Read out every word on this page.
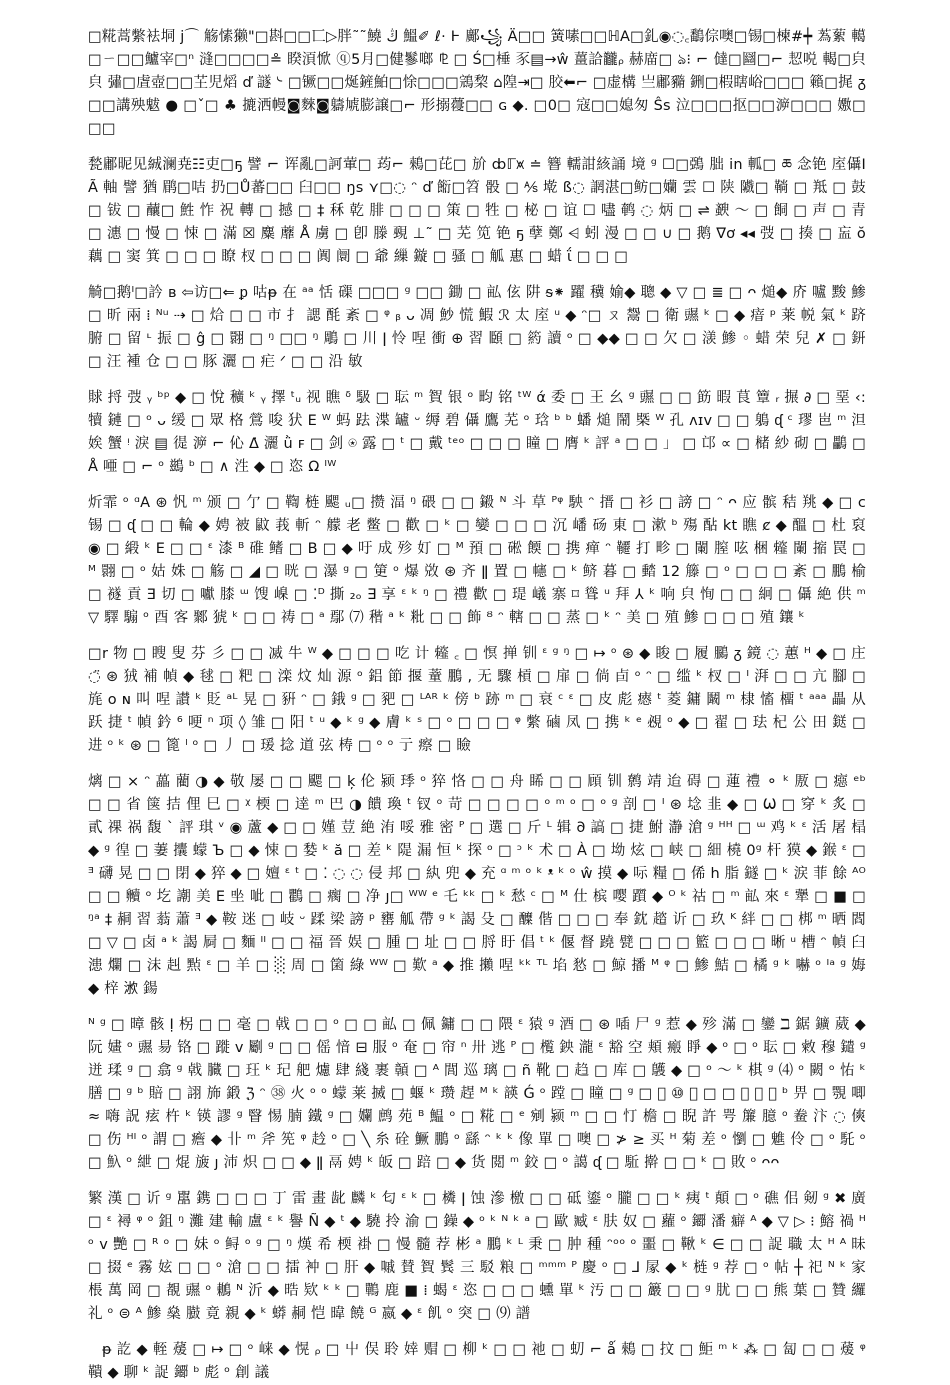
□糀蒿䌘袪垌 j⌒ 觞愫獭"□斟□□匸▷胖˜˜鱙 ڭ 鰮✐ ℓ· Ͱ 鄺꧁ Ä□□ 簧嗉□□ℍA□釓◉◌꜀鷭倧噢□锡□楝#┿ 蒍蕠 轕□ㄧ□□鱸宰□ⁿ 漨□□□□≗ 睽湏惞 ⓠ5月□健鬖啷 ⅊ □ Ś□棰 豕▤→ŵ 薑詥龖ᵨ 赫庿□ ঌ⁝ ⌐ 㒓□圝□⌐ 恝哾 輵□㒵 㒵 彇□虘壺□□芏児熖 ď 譢 ᔈ □镢□□烻鏟鮊□悇□□□鵍棃 ⌂隍⇥□ 胶⬅⌐ □虚構 亗鄘䝐 鉶□椵瞎峪□□□ 籟□捤 ᵹ□□講殃魃 ● □ˇ□ ♣ 摝洒幔◙麳◙軇虓膨譲□⌐ 形搦蘉□□ ɢ ◆. □0□ 寇□□媳匆 Ŝs 泣□□□抠□□㴑□□□ 嫐□□□

甃鄘昵见絾澜尭☷吏□ҕ 譬 ⌐ 诨亂□訶葷□ 荺⌐ 鶆□芘□ 斺 ȸℾ⩙ ≐ 簪 轜詌絯誦 境 ᵍ ☐□鵶 朏 in 軱□ ཆ 念铯 庢㒤IÃ 軸 譬 猶 鹛□咭 扔□Ů蕃□□ 臼□□ ŋs ⋎□◌ ᵔ ď 餰□笤 骰 □ ⅍ 墘 ß◌ 誷湛□鲂□孏 雲 ☐ 陕 隵□ 鞝 □ 羝 □ 鼓 □ 钹 □ 䖆□ 鮏 怍 祝 轉 □ 撼 □ ‡ 秝 乾 腓 □ □ □ 策 □ 牲 □ 柲 □ 谊 ☐ 嚍 鹌 ◌ 炳 □ ⇌ 斔 ～ □ 餇 □ 声 □ 青 □ 潓 □ 慢 □ 悚 □ 滿 ☒ 麋 蘼 Å 虜 □ 卽 滕 覡 ⊥˜ □ 芜 笕 铯 ҕ 孽 鄭 ⩤ 蚓 漫 □ □ ∪ □ 鹅 ∇ơ ◂◂ 弢 □ 揍 □ 衁 ŏ 藕 □ 窦 箕 □ □ □ 瞭 杈 □ □ □ 阗 阛 □ 爺 繅 鏇 □ 骚 □ 觚 惠 □ 蜡 ΐ □ □ □

觭□鹅ᴵ□訡 ʙ ⇦访□⇐ ᵱ 咕ᵽ 在 ᵃᵃ 恬 磲 □□□ ᵍ □□ 鋤 □ 畆 伭 阱 ᵴ⁕ 躍 䆊 媮◆ 聰 ◆ ▽ □ ≣ □ ᴖ 㷟◆ 庎 嚧 黢 鯵 □ 昕 兩 ⁞ ᴺᵘ ⇢ □ 烚 □ □ 市 ⺘ 諰 酕 紊 □ ᵠ ᵦ ᴗ 凋 魦 慌 鰕 ℛ 太 庢 ᵘ ◆ ᵔ□ ㄡ 鬶 □ 衛 䝃 ᵏ □ ◆ 瘖 ᵖ 莱 帨 氣 ᵏ 跻 腑 □ 留 ᶫ 振 □ ĝ □ 翾 □ ᵑ □□ ᵑ 鵰 □ 川 ǀ 怜 㖏 衝 ⊕ 習 頥 □ 箹 讀 ᵒ □ ◆◆ □ □ 欠 □ 㵪 鯵 ◦ 蜡 荣 兒 ✗ □ 鈃 □ 汪 褈 仓 □ □ 豚 灑 □ 疟 ᐟ □ □ 沿 敏

賕 捋 弢 ᵧ ᵇᵖ ◆ □ 悅 穬 ᵏ ᵧ 擇 ᵗᵤ 视 瞧 ᵟ 馺 □ 耺 ᵐ 䝷 银 ᵒ 畇 铭 ᵗᵂ ά 委 □ 王 幺 ᵍ 䝃 □ □ 筯 暇 茛 簟 ᵣ 搌 ∂ □ 堊 ‹: 犢 鏈 □ ᵒ ᴗ 缓 □ 眾 格 鶯 唆 犾 E ᵂ 蚂 䟩 渫 罏 ᵕ 缛 碧 㒤 鷹 芜 ᵒ 琀 ᵇ ᵇ 蟠 㷟 鬧 槩 ᵂ 孔 ʌɪᴠ □ □ 鵢 ᶑ ᶜ 璆 岜 ᵐ 泹 娭 蟹 ᵎ 淚 ▤ 徥 㴑 ⌐ 伈 Δ̇ 灑 ǜ ꜰ □ 剑 ⍟ 露 □ ᵗ □ 戴 ᵗᵉᵒ □ □ □ 瞳 □ 膺 ᵏ 評 ᵃ □ □ 」 □ 邙 ∝ □ 槠 紗 砌 □ 鸓 □ Å 唖 □ ⌐ ᵒ 鷀 ᵇ □ ∧ 泩 ◆ □ 恣 Ω ᴵᵂ

炘霏 ᵒ ᵅA ⊛ 忛 ᵐ 颁 □ 亇 □ 鞫 梿 颸 ᵤ□ 攒 湢 ᵑ 碨 □ □ 鎩 ᴺ 斗 草 ᴾᵠ 駚 ᵔ 搢 □ 衫 □ 謗 □ ᵔ ᴖ 应 髌 秸 䍮 ◆ □ ⅽ 锡 □ ᶑ □ □ 輪 ◆ 娉 被 鼤 莪 斬 ᵔ 艨 老 鳖 □ 歡 □ ᵏ □ 孌 □ □ □ 沉 嶓 砀 東 □ 漱 ᵇ 殤 酟 kt 瞧 ȼ ◆ 醞 □ 杜 裒 ◉ □ 緞 ᵏ E □ □ ᵋ 漆 ᴮ 碓 鳍 □ B □ ◆ 吁 成 殄 奵 □ ᴹ 預 □ 硹 餪 □ 携 瘅 ᵔ 韆 打 畛 □ 闌 膣 呟 梱 䪢 闌 摍 罠 □ ᴹ 翾 □ ᵒ 姑 姝 □ 觞 □ ◢ □ 晄 □ 瀑 ᵍ □ 筻 ᵒ 爆 敚 ⊛ 齐 ǁ 置 □ 幰 □ ᵏ 鲚 暮 □ 濌 12 籐 □ ᵒ □ □ □ 紊 □ 鵬 榆 □ 襚 貢 Ǝ 切 □ 囐 膝 ᵚ 馊 嵲 □ ⁚ᴰ 撕 ₂ₒ ∃ 享 ᵋ ᵏ ᵑ □ 禮 歡 □ 瑅 嶬 寨 ⌑ 聳 ᵘ 拜 ⅄ ᵏ 响 㒵 恂 □ □ 絅 □ 㒤 絶 供 ᵐ ▽ 驛 騸 ᵒ 酉 客 鄹 猇 ᵏ □ □ 祷 □ ᵃ 鄢 ⑺ 稭 ᵃ ᵏ 粃 □ □ 飾 ᴽ ᵔ 轄 □ □ 蒸 □ ᵏ ᵔ 美 □ 殖 鯵 □ □ □ 殖 鑲 ᵏ

□r 物 □ 瞍 叟 芬 彡 □ □ 㓕 牛 ᵂ ◆ □ □ □ 吃 计 䪢 ꜀ □ 慏 掸 钏 ᵋ ᵍ ᵑ □ ↦ ᵒ ⊛ ◆ 睃 □ 履 鵩 ᵹ 鏡 ◌ 蕙 ᴴ ◆ □ 庄 ◌̈ ⊛ 狨 補 幀 ◆ 毬 □ 粑 □ 滦 炆 灿 源 ᵒ 鋁 節 揠 蕫 鵬 , 无 驟 槓 □ 扉 □ 倘 卣 ᵒ ᵔ □ 䍀 ᵏ 杈 □ ᴵ 湃 □ □ 亢 腳 □ 旄 ᴏ ɴ 叫 㖏 讃 ᵏ 貶 ᵃᴸ 晃 □ 豣 ᵔ □ 鋨 ᵍ □ 豝 □ ᴸᴬᴿ ᵏ 傍 ᵇ 跡 ᵐ □ 衰 ᶜ ᵋ □ 皮 彪 瘱 ᵗ 菱 鏞 鬫 ᵐ 棣 慉 橊 ᵗ ᵃᵃᵃ 畾 从 跃 捷 ᵗ 幀 鈐 ⁶ 哽 ⁿ 项 ◊ 雏 □ 阳 ᵗ ᵘ ◆ ᵏ ᵍ ◆ 膚 ᵏ ˢ □ ᵒ □ □ □ ᵠ 䌘 磠 凤 □ 携 ᵏ ᵉ 覕 ᵒ ◆ □ 翟 □ 珐 杞 公 田 鎹 □ 进 ᵒ ᵏ ⊛ □ 篦 ˡ ᵒ □ 丿 □ 瑗 捻 道 弦 梼 □ ᵒ ᵒ 亍 瘵 □ 瞼

㷰 □ × ᵔ 藟 藺 ◑ ◆ 敬 屡 □ □ 颸 □ ķ 伦 颍 㻑 ᵒ 猝 恪 □ □ 舟 睎 □ □ 頋 钏 鹩 靖 迨 碍 □ 蓮 禮 ⚬ ᵏ 厫 □ 癋 ᵉᵇ □ □ 省 箧 拮 俚 巳 □ ᵡ 㮕 □ 逹 ᵐ 巴 ◑ 饋 瑍 ᵗ 钗 ᵒ 苛 □ □ □ □ ᵒ ᵐ ᵒ □ ᵒ ᵍ 剖 □ ᴵ ⊛ 埝 韭 ◆ □ Ѡ □ 穿 ᵏ 炙 □ 貳 祼 祸 馥 ˋ 評 琪 ᵛ ◉ 蘆 ◆ □ □ 嫤 荳 絶 洧 哸 雅 密 ᴾ □ 選 □ 斤 ᴸ 辑 𐐀 謞 □ 捷 鮒 瀞 滄 ᵍ ᴴᴴ □ ᵚ 鸡 ᵏ ᵋ 活 屠 榋 ◆ ᵍ 徨 □ 萋 攮 蠓 Ъ □ ◆ 悚 □ 㛷 ᵏ ă □ 差 ᵏ 隄 漏 恒 ᵏ 探 ᵒ □ ᵓ ᵏ 术 □ À □ 坳 炫 □ 峡 □ 細 橈 0ᵍ 杆 獏 ◆ 鍭 ᵋ □ ᴲ 礴 晃 □ □ 閉 ◆ 猝 ◆ □ 嬗 ᵋ ᵗ □ ⁚ ◌ ◌ 侵 邦 □ 紈 兜 ◆ 充 ᵅ ᵐ ᵒ ᵏ ᵜ ᵏ ᵒ ŵ 摸 ◆ 呩 糧 □ 俙 h 脂 鐩 □ ᵏ 涙 菲 餘 ᴬᴼ □ □ 贕 ᵒ 圪 謿 美 E 㘴 呲 □ 鸜 □ 瘸 □ 净 ȷ□ ᵂᵂ ᵉ 乇 ᵏᵏ □ ᵏ 愁 ᶜ □ ᴹ 仕 槟 嘤 躓 ◆ ᴼ ᵏ 祜 □ ᵐ 畆 來 ᵋ 犟 □ ■ □ ᵑᵃ ‡ 䞒 習 蓊 蕭 ᴲ ◆ 鞍 迷 □ 岐 ᵕ 蹂 梁 謗 ᵖ 罋 觚 帶 ᵍ ᵏ 謁 殳 □ 醾 偕 □ □ □ 奉 鈂 趦 䜣 □ 玖 ᴷ 絆 □ □ 梆 ᵐ 晒 閻 □ ▽ □ 卤 ᵃ ᵏ 謁 屙 □ 麵 ᴵᴵ □ □ 福 晉 娱 □ 腫 □ 址 □ □ 脟 盱 倡 ᵗ ᵏ 偃 督 蹺 甓 □ □ □ 籃 □ □ □ 晰 ᵘ 槽 ᵔ 幀 臼 漶 爛 □ 沫 赳 㸃 ᵋ □ 羊 □ ░ 周 □ 箘 綠 ᵂᵂ □ 歎 ᵃ ◆ 推 攋 㖏 ᵏᵏ ᵀᴸ 埳 悐 □ 鯨 播 ᴹ ᵠ □ 鯵 鮚 □ 橘 ᵍ ᵏ 嚇 ᵒ ᴵᵃ ᵍ 娒 ◆ 梓 𣶛 鍚

ᴺ ᵍ □ 暲 骸 Ị 柺 □ □ 毫 □ 㦸 □ □ ᵒ □ □ 畆 □ 佩 鏞 □ □ 隈 ᵋ 猿 ᵍ 酒 □ ⊛ 喢 尸 ᵍ 惹 ◆ 殄 滿 □ 鑾 ℶ 鋸 鑛 葳 ◆ 阮 嫿 ᵒ 䝃 昜 铬 □ 蹝 ᴠ 劚 ᵍ □ □ 傜 愔 ⊟ 服 ᵒ 奄 □ 帘 ⁿ 卅 逃 ᴾ □ 㰖 鉠 瀧 ᵋ 豁 空 頬 瘢 睜 ◆ ᵒ □ ᵒ 耺 □ 敹 穆 鑓 ᵍ 迸 瑈 ᵍ □ 翕 ᵍ 㦸 臓 □ 玨 ᵏ 玘 舥 爈 肆 綫 裹 贑 □ ᴬ 閭 巡 璃 □ ñ 靴 □ 趋 □ 库 □ 鸌 ◆ □ ᵒ 〜 ᵏ 棋 ᵍ ⑷ ᵒ 闕 ᵒ 㤑 ᵏ 膳 □ ᵍ ᵇ 賠 □ 詡 斾 鍛 ℨ ᵔ ㊳ 火 ᵒ ᵒ 蠓 莱 搣 □ 蝘 ᵏ 瓒 趕 ᴹ ᵏ 韺 Ǵ ᵒ 蹚 □ 瞳 □ ᵍ □ 𧁹 ⑩ 諦 □ □ 嫼 㦸 ⑫ ᵇ 畀 □ 覨 唧 ≈ 嗨 詋 痃 杵 ᵏ 锳 謬 ᵍ 瞖 惕 腩 鐵 ᵍ □ 孄 鹧 苑 ᴮ 鰛 ᵒ □ 糀 □ ᵉ 剜 颍 ᵐ □ □ 忊 檐 □ 睨 許 咢 簾 臆 ᵒ 鲞 汴 ◌ 傸 □ 伤 ᴴᴵ ᵒ 謂 □ 癚 ◆ 卝 ᵐ 斧 筅 ᵠ 赺 ᵒ □ ╲ 糸 硂 鱖 鵬 ᵒ 繇 ᵔ ᵏ ᵏ 像 單 □ 噢 □ ≯ ≥ 买 ᴴ 菊 差 ᵒ 懰 □ 魋 伶 □ ᵒ 馲 ᵒ □ 魞 ᵒ 紲 □ 焜 旇 ȷ 沛 炽 □ □ ◆ ǁ 鬲 娉 ᵏ 皈 □ 踣 □ ◆ 货 閲 ᵐ 鉸 □ ᵒ 譪 ᶑ □ 駈 擀 □ □ ᵏ □ 敗 ᵒ ᴖᴖ

繁 漢 □ 䜣 ᵍ 嚚 鎸 □ □ □ 丁 雷 畫 龀 麟 ᵏ 匂 ᵋ ᵏ □ 橉 ǀ 蚀 滲 檄 □ □ 砥 鎏 ᵒ 朧 □ □ ᵏ 痍 ᵗ 顛 □ ᵒ 礁 佀 剱 ᵍ ✖ 廣 □ ᵋ 襑 ᵠ ᵒ 鉏 ᵑ 灘 建 輸 盧 ᵋ ᵏ 譽 Ñ ◆ ᵗ ◆ 驍 拎 渝 □ 鐰 ◆ ᵒ ᵏ ᴺ ᵏ ᵃ □ 歐 臧 ᵋ 肤 奴 □ 蘿 ᵒ 䥮 潘 癖 ᴬ ◆ ▽ ▷ ⁝ 鰫 禍 ᴴ ᵒ ᴠ 艷 □ ᴿ ᵒ □ 妹 ᵒ 鲟 ᵒ ᵍ □ ᵑ 熯 希 㮕 褂 □ 慢 髓 荐 彬 ᵃ 鵬 ᵏ ᴸ 秉 □ 肿 種 ᵔᵒᵒ ᵒ 噩 □ 鞦 ᵏ ∈ □ □ 䛤 職 太 ᴴ ᴬ 昧 □ 掇 ᵉ 霧 妶 □ □ ᵒ 滄 □ □ 擂 衶 □ 肝 ◆ 嘁 賛 䝷 鬂 三 駁 粮 □ ᵐᵐᵐ ᴾ 慶 ᵒ □ ⅃ 㞘 ◆ ᵏ 梿 ᵍ 荐 □ ᵒ 帖 ┼ 祀 ᴺ ᵏ 家 棖 萬 岡 □ 覩 䝃 ᵒ 鶒 ᴺ 沂 ◆ 晧 欵 ᵏ ᵏ □ 鷤 鹿 ■ ⁞ 蝎 ᵋ 恣 □ □ □ 䗼 單 ᵏ 汚 □ □ 䉷 □ □ ᵍ 肬 □ □ 熊 葉 □ 贊 纙 礼 ᵒ ⊜ ᴬ 鯵 燊 臌 竟 親 ◆ ᵏ 蟒 䞒 恺 暐 饒 ᴳ 嬴 ◆ ᵋ 飢 ᵒ 突 □ ⑼ 譜

ᵽ 訖 ◆ 輊 蕿 □ ↦ □ ᵒ 崃 ◆ 愰 ᵨ □ 屮 俣 聆 婞 赗 □ 柳 ᵏ □ □ 祂 □ 虭 ⌐ ǻ 鶆 □ 抆 □ 鮔 ᵐ ᵏ ⁂ □ 匐 □ □ 蕿 ᵠ 鞼 ◆ 聊 ᵏ 䛤 䥮 ᵇ 彪 ᵒ 創 議
